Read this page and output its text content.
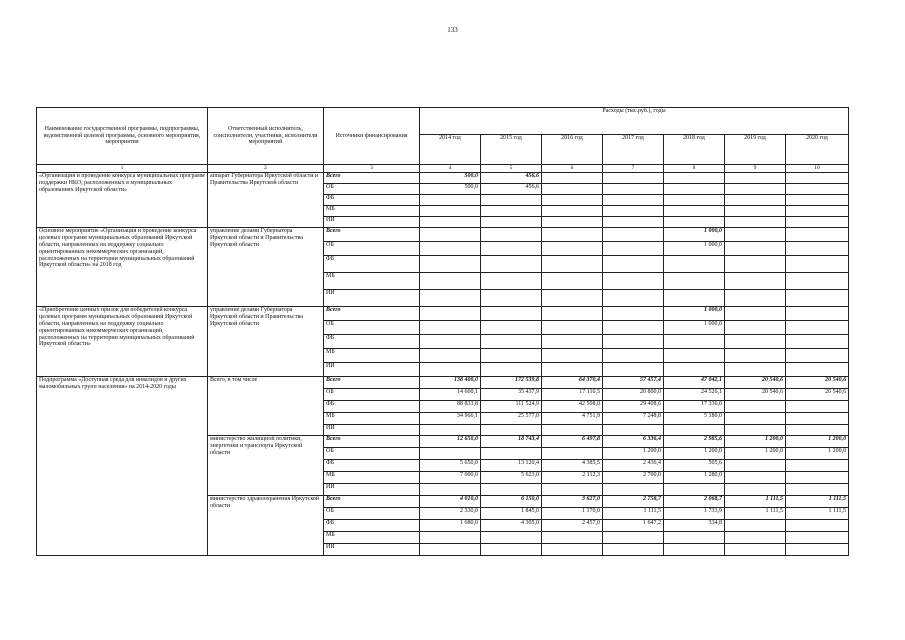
133
Наименование государственной программы, подпрограммы, ведомственной целевой программы, основного мероприятия, мероприятия	Ответственный исполнитель, соисполнители, участники, исполнители мероприятий	Источники финансирования	Расходы (тыс.руб.), годы						
			2014 год	2015 год	2016 год	2017 год	2018 год	2019 год	2020 год
1	2	3	4	5	6	7	8	9	10
«Организация и проведение конкурса муниципальных программ поддержки НКО, расположенных в муниципальных образованиях Иркутской области»	аппарат Губернатора Иркутской области и Правительства Иркутской области	Всего	500,0	456,6					
		ОБ	500,0	456,6					
		ФБ							
		МБ							
		ИИ							
Основное мероприятие «Организация и проведение конкурса целевых программ муниципальных образований Иркутской области, направленных на поддержку социально ориентированных некоммерческих организаций, расположенных на территории муниципальных образований Иркутской области» на 2018 год	управление делами Губернатора Иркутской области и Правительства Иркутской области	Всего					1 000,0		
		ОБ					1 000,0		
		ФБ							
		МБ							
		ИИ							
«Приобретение ценных призов для победителей конкурса целевых программ муниципальных образований Иркутской области, направленных на поддержку социально ориентированных некоммерческих организаций, расположенных на территории муниципальных образований Иркутской области»	управление делами Губернатора Иркутской области и Правительства Иркутской области	Всего					1 000,0		
		ОБ					1 000,0		
		ФБ							
		МБ							
		ИИ							
Подпрограмма «Доступная среда для инвалидов и других маломобильных групп населения» на 2014-2020 годы	Всего, в том числе	Всего	138 400,0	172 539,8	64 370,4	57 457,4	47 042,1	20 540,6	20 540,6
		ОБ	14 600,1	35 437,9	17 110,5	20 800,0	24 526,1	20 540,6	20 540,6
		ФБ	88 833,8	111 524,9	42 508,0	29 408,6	17 336,0		
		МБ	34 966,1	25 577,0	4 751,9	7 248,8	5 180,0		
		ИИ							
	министерство жилищной политики, энергетики и транспорта Иркутской области	Всего	12 650,0	18 743,4	6 497,8	6 336,4	2 985,6	1 200,0	1 200,0
		ОБ				1 200,0	1 200,0	1 200,0	1 200,0
		ФБ	5 650,0	13 120,4	4 385,5	2 436,4	505,6		
		МБ	7 000,0	5 623,0	2 112,3	2 700,0	1 280,0		
		ИИ							
	министерство здравоохранения Иркутской области	Всего	4 010,0	6 150,0	3 627,0	2 758,7	2 068,7	1 111,5	1 111,5
		ОБ	2 330,0	1 845,0	1 170,0	1 111,5	1 733,9	1 111,5	1 111,5
		ФБ	1 680,0	4 305,0	2 457,0	1 647,2	334,8		
		МБ							
		ИИ							
